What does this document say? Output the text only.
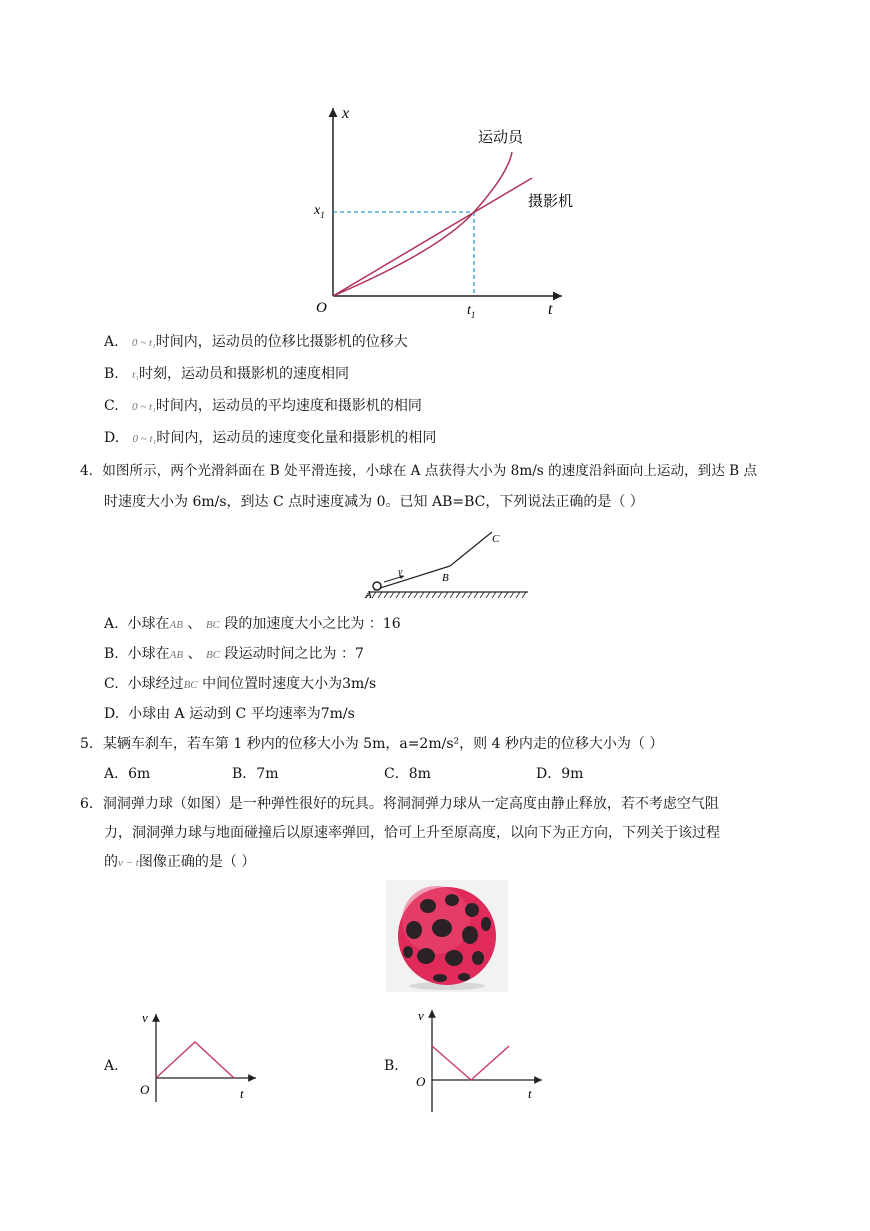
x
t
O
$x_1$
$t_1$
运动员
摄影机
A. 0 ~ t₁时间内，运动员的位移比摄影机的位移大
B. t₁时刻，运动员和摄影机的速度相同
C. 0 ~ t₁时间内，运动员的平均速度和摄影机的相同
D. 0 ~ t₁时间内，运动员的速度变化量和摄影机的相同
4．如图所示，两个光滑斜面在 B 处平滑连接，小球在 A 点获得大小为 8m/s 的速度沿斜面向上运动，到达 B 点
时速度大小为 6m/s，到达 C 点时速度减为 0。已知 AB=BC，下列说法正确的是（ ）
v
A
B
C
A. 小球在AB 、 BC 段的加速度大小之比为 ：16
B. 小球在AB 、 BC 段运动时间之比为 ：7
C. 小球经过BC 中间位置时速度大小为3m/s
D. 小球由 A 运动到 C 平均速率为7m/s
5．某辆车刹车，若车第 1 秒内的位移大小为 5m，a=2m/s²，则 4 秒内走的位移大小为（ ）
A．6m	B．7m	C．8m	D．9m
6．洞洞弹力球（如图）是一种弹性很好的玩具。将洞洞弹力球从一定高度由静止释放，若不考虑空气阻
力，洞洞弹力球与地面碰撞后以原速率弹回，恰可上升至原高度，以向下为正方向，下列关于该过程
的v − t图像正确的是（ ）
A.
v
t
O
B.
v
t
O
